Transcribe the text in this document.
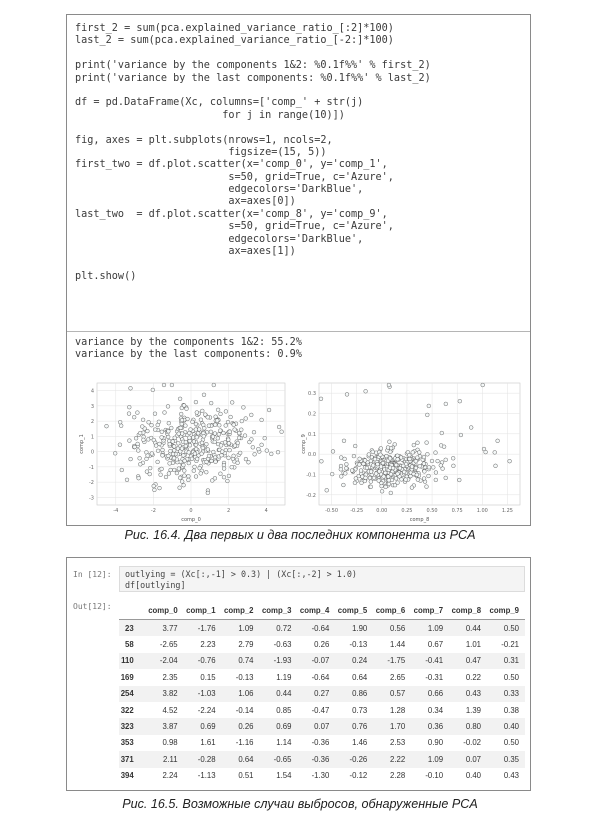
first_2 = sum(pca.explained_variance_ratio_[:2]*100)
last_2 = sum(pca.explained_variance_ratio_[-2:]*100)
print('variance by the components 1&2: %0.1f%%' % first_2)
print('variance by the last components: %0.1f%%' % last_2)
df = pd.DataFrame(Xc, columns=['comp_' + str(j)
for j in range(10)])
fig, axes = plt.subplots(nrows=1, ncols=2,
figsize=(15, 5))
first_two = df.plot.scatter(x='comp_0', y='comp_1',
s=50, grid=True, c='Azure',
edgecolors='DarkBlue',
ax=axes[0])
last_two  = df.plot.scatter(x='comp_8', y='comp_9',
s=50, grid=True, c='Azure',
edgecolors='DarkBlue',
ax=axes[1])
plt.show()
variance by the components 1&2: 55.2%
variance by the last components: 0.9%
4
3
2
1
0
-1
-2
-3
-4	-2	0	2	4
comp_0
comp_1
0.3
0.2
0.1
0.0
-0.1
-0.2
-0.50 -0.25	0.00	0.25	0.50	0.75	1.00	1.25
comp_8
comp_9
Рис. 16.4. Два первых и два последних компонента из PCA
In [12]:	outlying = (Xc[:,-1] > 0.3) | (Xc[:,-2] > 1.0)
df[outlying]
Out[12]:
		comp_0	comp_1	comp_2	comp_3	comp_4	comp_5	comp_6	comp_7	comp_8	comp_9
23	3.77	-1.76	1.09	0.72	-0.64	1.90	0.56	1.09	0.44	0.50
58	-2.65	2.23	2.79	-0.63	0.26	-0.13	1.44	0.67	1.01	-0.21
110	-2.04	-0.76	0.74	-1.93	-0.07	0.24	-1.75	-0.41	0.47	0.31
169	2.35	0.15	-0.13	1.19	-0.64	0.64	2.65	-0.31	0.22	0.50
254	3.82	-1.03	1.06	0.44	0.27	0.86	0.57	0.66	0.43	0.33
322	4.52	-2.24	-0.14	0.85	-0.47	0.73	1.28	0.34	1.39	0.38
323	3.87	0.69	0.26	0.69	0.07	0.76	1.70	0.36	0.80	0.40
353	0.98	1.61	-1.16	1.14	-0.36	1.46	2.53	0.90	-0.02	0.50
371	2.11	-0.28	0.64	-0.65	-0.36	-0.26	2.22	1.09	0.07	0.35
394	2.24	-1.13	0.51	1.54	-1.30	-0.12	2.28	-0.10	0.40	0.43
Рис. 16.5. Возможные случаи выбросов, обнаруженные PCA
